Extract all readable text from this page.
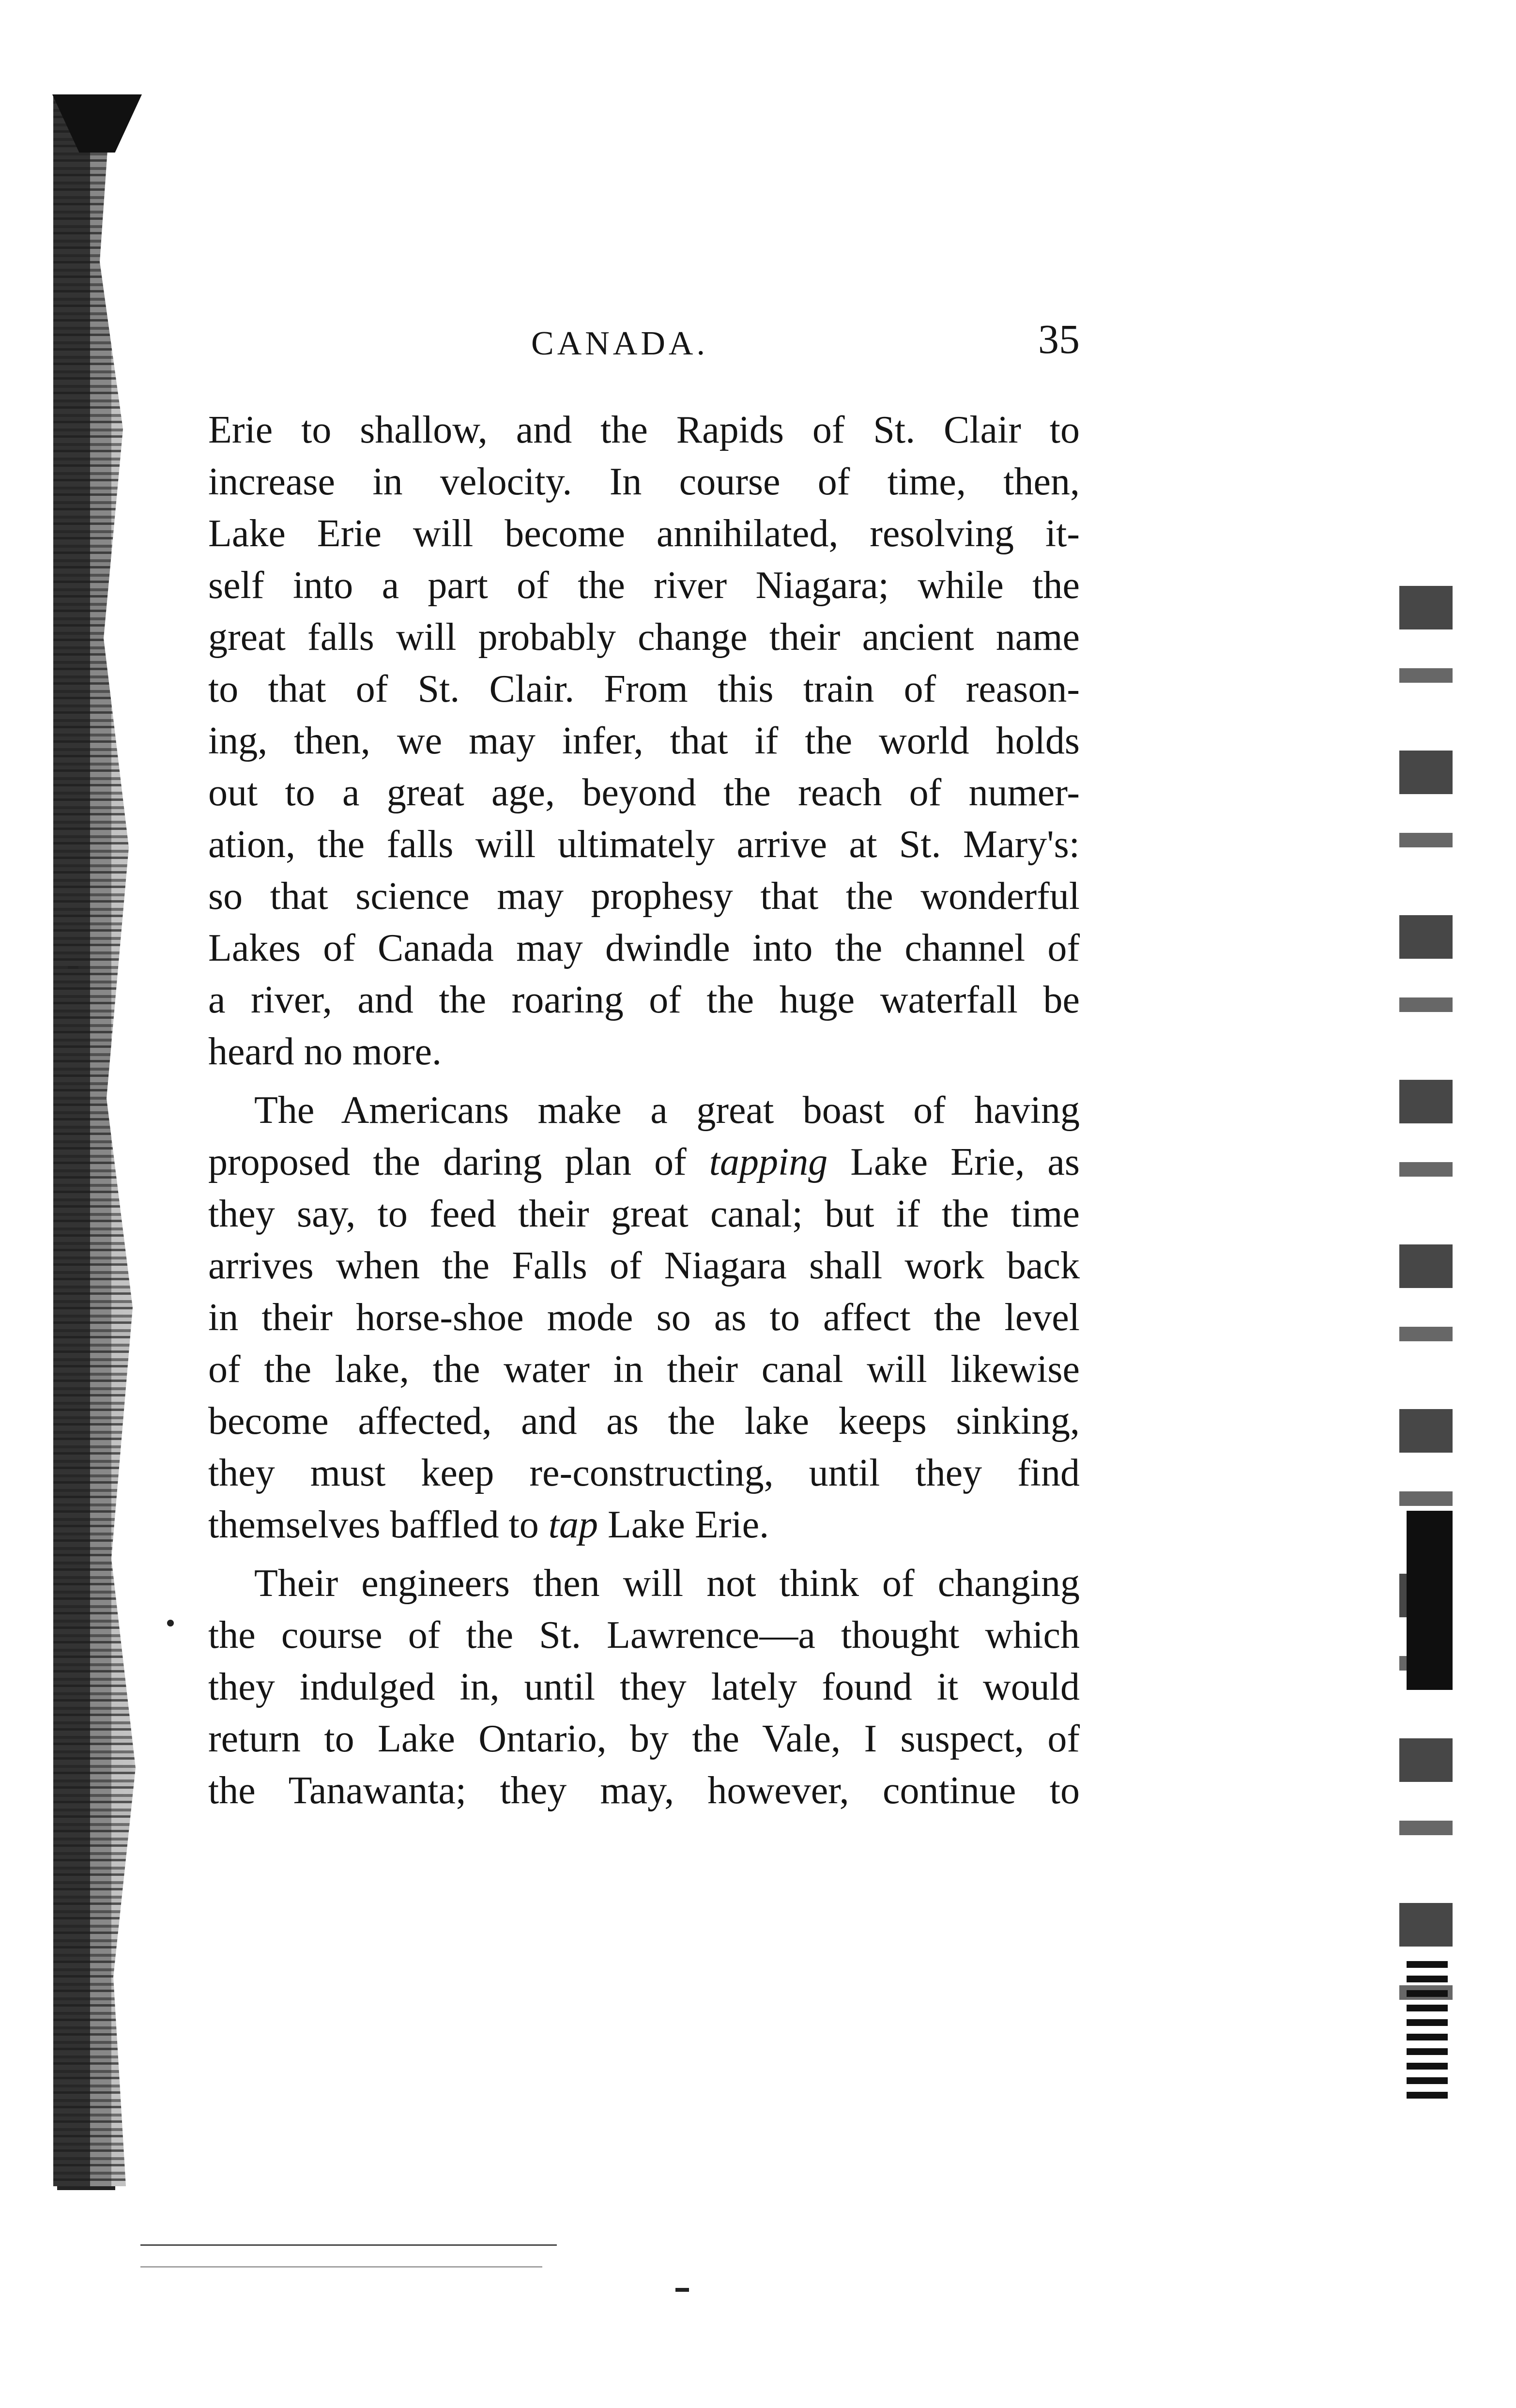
CANADA.	35
Erie to shallow, and the Rapids of St. Clair to
increase in velocity. In course of time, then,
Lake Erie will become annihilated, resolving it-
self into a part of the river Niagara; while the
great falls will probably change their ancient name
to that of St. Clair. From this train of reason-
ing, then, we may infer, that if the world holds
out to a great age, beyond the reach of numer-
ation, the falls will ultimately arrive at St. Mary's:
so that science may prophesy that the wonderful
Lakes of Canada may dwindle into the channel of
a river, and the roaring of the huge waterfall be
heard no more.
The Americans make a great boast of having
proposed the daring plan of tapping Lake Erie, as
they say, to feed their great canal; but if the time
arrives when the Falls of Niagara shall work back
in their horse-shoe mode so as to affect the level
of the lake, the water in their canal will likewise
become affected, and as the lake keeps sinking,
they must keep re-constructing, until they find
themselves baffled to tap Lake Erie.
Their engineers then will not think of changing
the course of the St. Lawrence—a thought which
they indulged in, until they lately found it would
return to Lake Ontario, by the Vale, I suspect, of
the Tanawanta; they may, however, continue to
